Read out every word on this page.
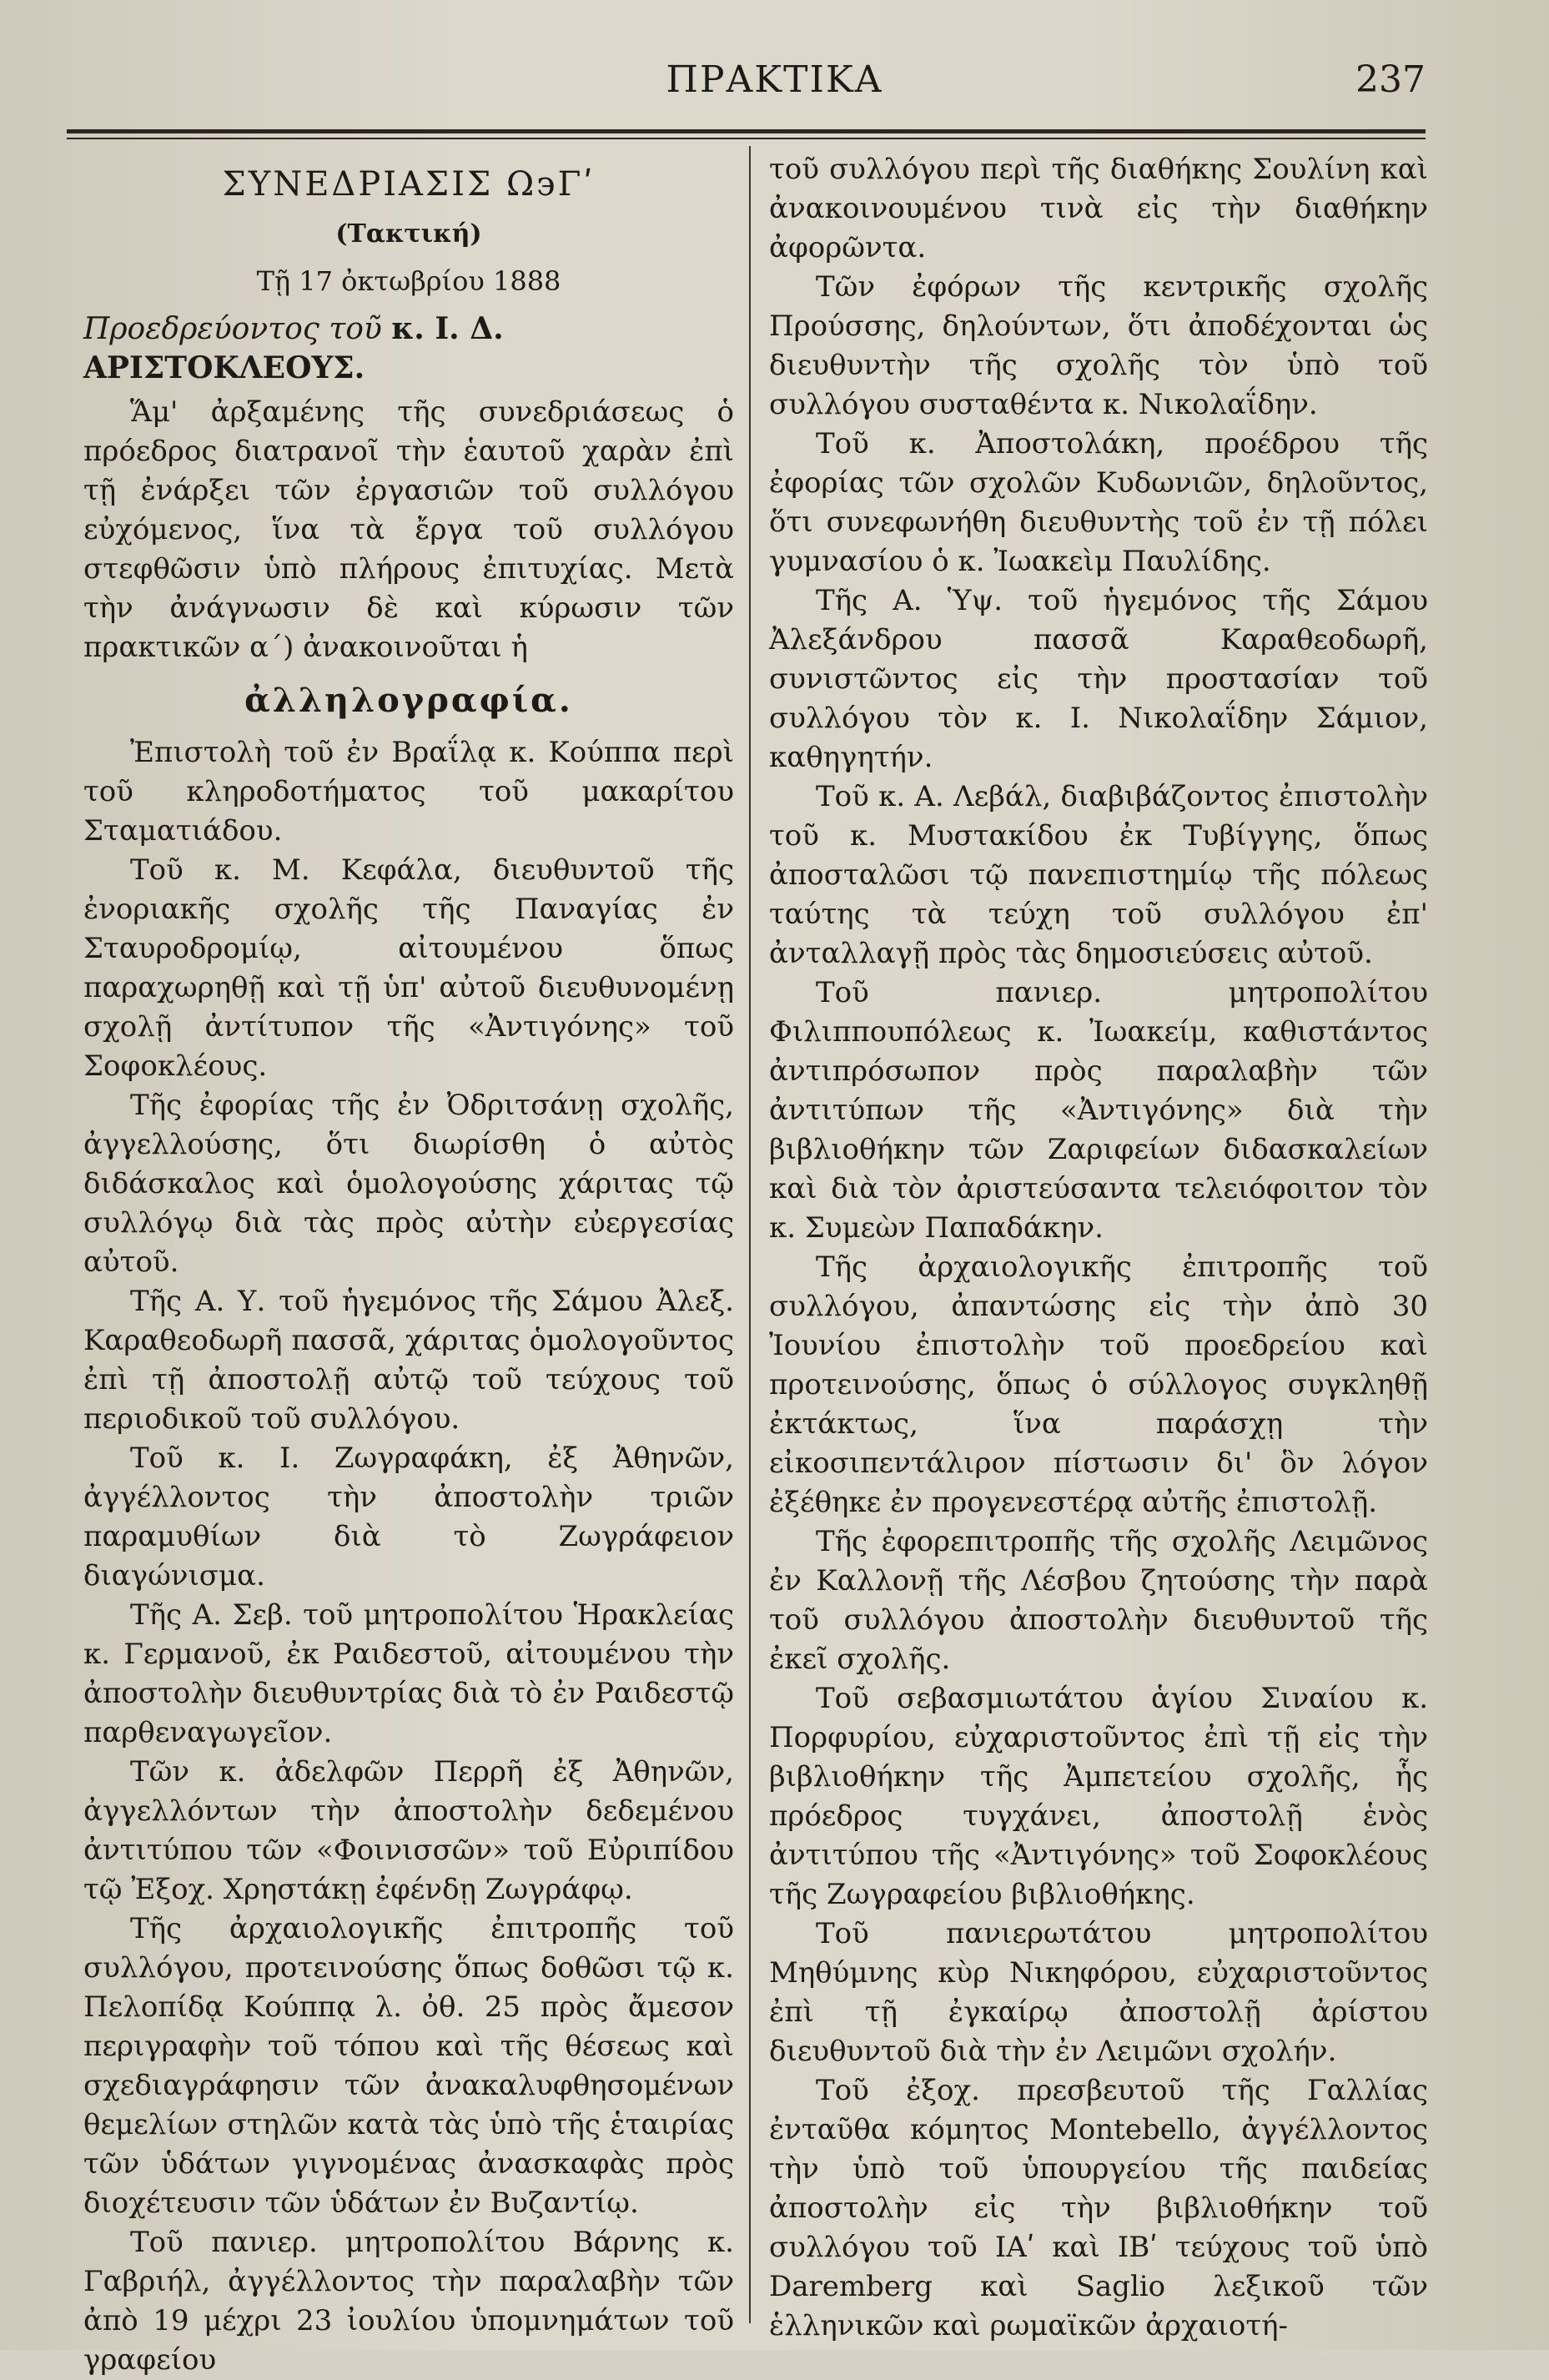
ΠΡΑΚΤΙΚΑ	237
ΣΥΝΕΔΡΙΑΣΙΣ Ω϶Γʹ
(Τακτική)
Τῇ 17 ὀκτωβρίου 1888
Προεδρεύοντος τοῦ κ. Ι. Δ. ΑΡΙΣΤΟΚΛΕΟΥΣ.

Ἅμ' ἀρξαμένης τῆς συνεδριάσεως ὁ πρόεδρος διατρανοῖ τὴν ἑαυτοῦ χαρὰν ἐπὶ τῇ ἐνάρξει τῶν ἐργασιῶν τοῦ συλλόγου εὐχόμενος, ἵνα τὰ ἔργα τοῦ συλλόγου στεφθῶσιν ὑπὸ πλήρους ἐπιτυχίας. Μετὰ τὴν ἀνάγνωσιν δὲ καὶ κύρωσιν τῶν πρακτικῶν α΄) ἀνακοινοῦται ἡ

ἀλληλογραφία.

Ἐπιστολὴ τοῦ ἐν Βραΐλᾳ κ. Κούππα περὶ τοῦ κληροδοτήματος τοῦ μακαρίτου Σταματιάδου.

Τοῦ κ. Μ. Κεφάλα, διευθυντοῦ τῆς ἐνοριακῆς σχολῆς τῆς Παναγίας ἐν Σταυροδρομίῳ, αἰτουμένου ὅπως παραχωρηθῇ καὶ τῇ ὑπ' αὐτοῦ διευθυνομένῃ σχολῇ ἀντίτυπον τῆς «Ἀντιγόνης» τοῦ Σοφοκλέους.

Τῆς ἐφορίας τῆς ἐν Ὀδριτσάνῃ σχολῆς, ἀγγελλούσης, ὅτι διωρίσθη ὁ αὐτὸς διδάσκαλος καὶ ὁμολογούσης χάριτας τῷ συλλόγῳ διὰ τὰς πρὸς αὐτὴν εὐεργεσίας αὐτοῦ.

Τῆς Α. Υ. τοῦ ἡγεμόνος τῆς Σάμου Ἀλεξ. Καραθεοδωρῆ πασσᾶ, χάριτας ὁμολογοῦντος ἐπὶ τῇ ἀποστολῇ αὐτῷ τοῦ τεύχους τοῦ περιοδικοῦ τοῦ συλλόγου.

Τοῦ κ. Ι. Ζωγραφάκη, ἐξ Ἀθηνῶν, ἀγγέλλοντος τὴν ἀποστολὴν τριῶν παραμυθίων διὰ τὸ Ζωγράφειον διαγώνισμα.

Τῆς Α. Σεβ. τοῦ μητροπολίτου Ἡρακλείας κ. Γερμανοῦ, ἐκ Ραιδεστοῦ, αἰτουμένου τὴν ἀποστολὴν διευθυντρίας διὰ τὸ ἐν Ραιδεστῷ παρθεναγωγεῖον.

Τῶν κ. ἀδελφῶν Περρῆ ἐξ Ἀθηνῶν, ἀγγελλόντων τὴν ἀποστολὴν δεδεμένου ἀντιτύπου τῶν «Φοινισσῶν» τοῦ Εὐριπίδου τῷ Ἐξοχ. Χρηστάκῃ ἐφένδῃ Ζωγράφῳ.

Τῆς ἀρχαιολογικῆς ἐπιτροπῆς τοῦ συλλόγου, προτεινούσης ὅπως δοθῶσι τῷ κ. Πελοπίδᾳ Κούππᾳ λ. ὀθ. 25 πρὸς ἄμεσον περιγραφὴν τοῦ τόπου καὶ τῆς θέσεως καὶ σχεδιαγράφησιν τῶν ἀνακαλυφθησομένων θεμελίων στηλῶν κατὰ τὰς ὑπὸ τῆς ἑταιρίας τῶν ὑδάτων γιγνομένας ἀνασκαφὰς πρὸς διοχέτευσιν τῶν ὑδάτων ἐν Βυζαντίῳ.

Τοῦ πανιερ. μητροπολίτου Βάρνης κ. Γαβριήλ, ἀγγέλλοντος τὴν παραλαβὴν τῶν ἀπὸ 19 μέχρι 23 ἰουλίου ὑπομνημάτων τοῦ γραφείου

τοῦ συλλόγου περὶ τῆς διαθήκης Σουλίνη καὶ ἀνακοινουμένου τινὰ εἰς τὴν διαθήκην ἀφορῶντα.

Τῶν ἐφόρων τῆς κεντρικῆς σχολῆς Προύσσης, δηλούντων, ὅτι ἀποδέχονται ὡς διευθυντὴν τῆς σχολῆς τὸν ὑπὸ τοῦ συλλόγου συσταθέντα κ. Νικολαΐδην.

Τοῦ κ. Ἀποστολάκη, προέδρου τῆς ἐφορίας τῶν σχολῶν Κυδωνιῶν, δηλοῦντος, ὅτι συνεφωνήθη διευθυντὴς τοῦ ἐν τῇ πόλει γυμνασίου ὁ κ. Ἰωακεὶμ Παυλίδης.

Τῆς Α. Ὑψ. τοῦ ἡγεμόνος τῆς Σάμου Ἀλεξάνδρου πασσᾶ Καραθεοδωρῆ, συνιστῶντος εἰς τὴν προστασίαν τοῦ συλλόγου τὸν κ. Ι. Νικολαΐδην Σάμιον, καθηγητήν.

Τοῦ κ. Α. Λεβάλ, διαβιβάζοντος ἐπιστολὴν τοῦ κ. Μυστακίδου ἐκ Τυβίγγης, ὅπως ἀποσταλῶσι τῷ πανεπιστημίῳ τῆς πόλεως ταύτης τὰ τεύχη τοῦ συλλόγου ἐπ' ἀνταλλαγῇ πρὸς τὰς δημοσιεύσεις αὐτοῦ.

Τοῦ πανιερ. μητροπολίτου Φιλιππουπόλεως κ. Ἰωακείμ, καθιστάντος ἀντιπρόσωπον πρὸς παραλαβὴν τῶν ἀντιτύπων τῆς «Ἀντιγόνης» διὰ τὴν βιβλιοθήκην τῶν Ζαριφείων διδασκαλείων καὶ διὰ τὸν ἀριστεύσαντα τελειόφοιτον τὸν κ. Συμεὼν Παπαδάκην.

Τῆς ἀρχαιολογικῆς ἐπιτροπῆς τοῦ συλλόγου, ἀπαντώσης εἰς τὴν ἀπὸ 30 Ἰουνίου ἐπιστολὴν τοῦ προεδρείου καὶ προτεινούσης, ὅπως ὁ σύλλογος συγκληθῇ ἐκτάκτως, ἵνα παράσχῃ τὴν εἰκοσιπεντάλιρον πίστωσιν δι' ὃν λόγον ἐξέθηκε ἐν προγενεστέρᾳ αὐτῆς ἐπιστολῇ.

Τῆς ἐφορεπιτροπῆς τῆς σχολῆς Λειμῶνος ἐν Καλλονῇ τῆς Λέσβου ζητούσης τὴν παρὰ τοῦ συλλόγου ἀποστολὴν διευθυντοῦ τῆς ἐκεῖ σχολῆς.

Τοῦ σεβασμιωτάτου ἁγίου Σιναίου κ. Πορφυρίου, εὐχαριστοῦντος ἐπὶ τῇ εἰς τὴν βιβλιοθήκην τῆς Ἀμπετείου σχολῆς, ἧς πρόεδρος τυγχάνει, ἀποστολῇ ἑνὸς ἀντιτύπου τῆς «Ἀντιγόνης» τοῦ Σοφοκλέους τῆς Ζωγραφείου βιβλιοθήκης.

Τοῦ πανιερωτάτου μητροπολίτου Μηθύμνης κὺρ Νικηφόρου, εὐχαριστοῦντος ἐπὶ τῇ ἐγκαίρῳ ἀποστολῇ ἀρίστου διευθυντοῦ διὰ τὴν ἐν Λειμῶνι σχολήν.

Τοῦ ἐξοχ. πρεσβευτοῦ τῆς Γαλλίας ἐνταῦθα κόμητος Montebello, ἀγγέλλοντος τὴν ὑπὸ τοῦ ὑπουργείου τῆς παιδείας ἀποστολὴν εἰς τὴν βιβλιοθήκην τοῦ συλλόγου τοῦ ΙΑʹ καὶ ΙΒʹ τεύχους τοῦ ὑπὸ Daremberg καὶ Saglio λεξικοῦ τῶν ἑλληνικῶν καὶ ρωμαϊκῶν ἀρχαιοτή-
